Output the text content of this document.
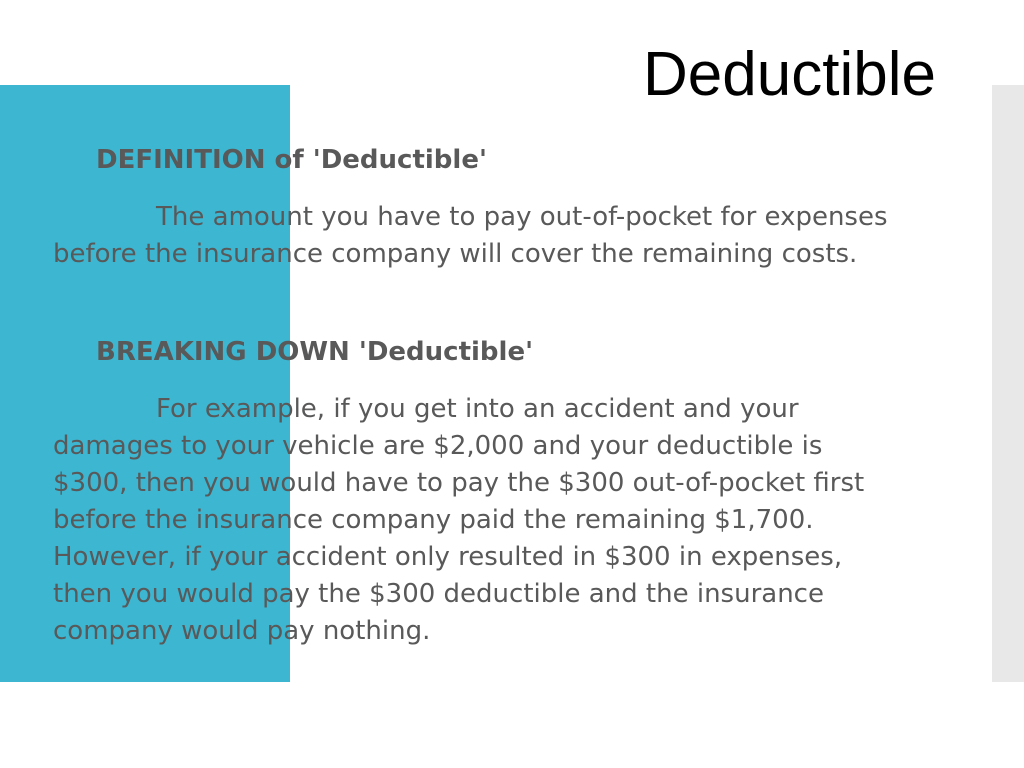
Deductible

DEFINITION of 'Deductible'

The amount you have to pay out-of-pocket for expenses before the insurance company will cover the remaining costs.

BREAKING DOWN 'Deductible'

For example, if you get into an accident and your damages to your vehicle are $2,000 and your deductible is $300, then you would have to pay the $300 out-of-pocket first before the insurance company paid the remaining $1,700. However, if your accident only resulted in $300 in expenses, then you would pay the $300 deductible and the insurance company would pay nothing.
